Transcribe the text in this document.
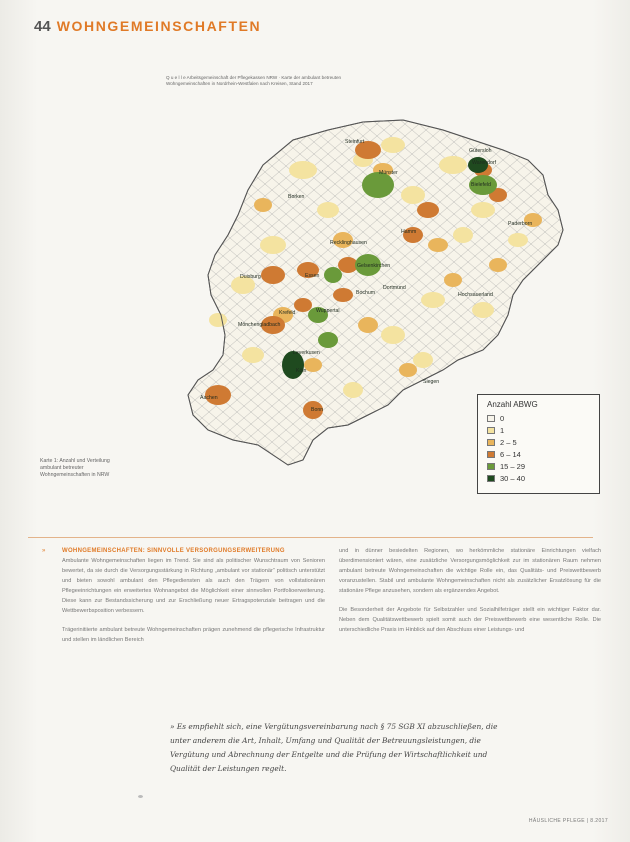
44 WOHNGEMEINSCHAFTEN
Steinfurt
Münster
Warendorf
Borken
Bielefeld
Gütersloh
Paderborn
Hamm
Recklinghausen
Gelsenkirchen
Duisburg	Essen
Bochum
Dortmund
Hochsauerland
Krefeld
Mönchengladbach
Wuppertal
Leverkusen
Köln
Siegen
Aachen
Bonn
Q u e l l e Arbeitsgemeinschaft der Pflegekassen NRW · Karte der ambulant betreuten Wohngemeinschaften in Nordrhein-Westfalen nach Kreisen, Stand 2017
Anzahl ABWG
0
1
2 – 5
6 – 14
15 – 29
30 – 40
Karte 1: Anzahl und Verteilung ambulant betreuter Wohngemeinschaften in NRW
»	WOHNGEMEINSCHAFTEN: SINNVOLLE VERSORGUNGSERWEITERUNG

Ambulante Wohngemeinschaften liegen im Trend. Sie sind als politischer Wunschtraum von Senioren bewertet, da sie durch die Versorgungsstärkung in Richtung „ambulant vor stationär“ politisch unterstützt und bieten sowohl ambulant den Pflegediensten als auch den Trägern von vollstationären Pflegeeinrichtungen ein erweitertes Wohnangebot die Möglichkeit einer sinnvollen Portfolioerweiterung. Diese kann zur Bestandssicherung und zur Erschließung neuer Ertragspotenziale beitragen und die Wettbewerbsposition verbessern.

Trägerinitiierte ambulant betreute Wohngemeinschaften prägen zunehmend die pflegerische Infrastruktur und stellen im ländlichen Bereich

und in dünner besiedelten Regionen, wo herkömmliche stationäre Einrichtungen vielfach überdimensioniert wären, eine zusätzliche Versorgungsmöglichkeit zur im stationären Raum nehmen ambulant betreute Wohngemeinschaften die wichtige Rolle ein, das Qualitäts- und Preiswettbewerb voranzustellen. Stabil und ambulante Wohngemeinschaften nicht als zusätzlicher Ersatzlösung für die stationäre Pflege anzusehen, sondern als ergänzendes Angebot.

Die Besonderheit der Angebote für Selbstzahler und Sozialhilfeträger stellt ein wichtiger Faktor dar. Neben dem Qualitätswettbewerb spielt somit auch der Preiswettbewerb eine wesentliche Rolle. Die unterschiedliche Praxis im Hinblick auf den Abschluss einer Leistungs- und

» Es empfiehlt sich, eine Vergütungsvereinbarung nach § 75 SGB XI abzuschließen, die unter anderem die Art, Inhalt, Umfang und Qualität der Betreuungsleistungen, die Vergütung und Abrechnung der Entgelte und die Prüfung der Wirtschaftlichkeit und Qualität der Leistungen regelt.
HÄUSLICHE PFLEGE | 8.2017
